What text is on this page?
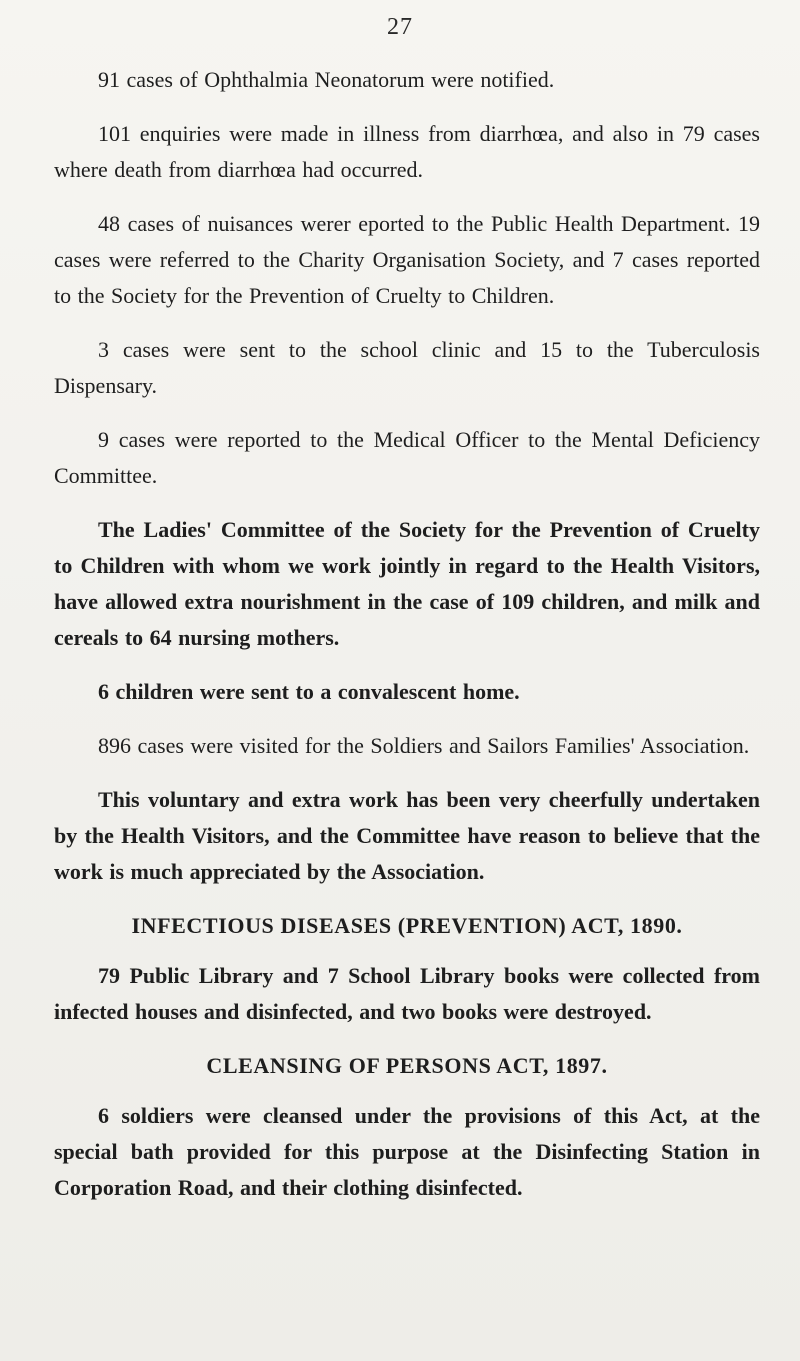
27

91 cases of Ophthalmia Neonatorum were notified.

101 enquiries were made in illness from diarrhœa, and also in 79 cases where death from diarrhœa had occurred.

48 cases of nuisances werer eported to the Public Health Department. 19 cases were referred to the Charity Organisation Society, and 7 cases reported to the Society for the Prevention of Cruelty to Children.

3 cases were sent to the school clinic and 15 to the Tuberculosis Dispensary.

9 cases were reported to the Medical Officer to the Mental Deficiency Committee.

The Ladies' Committee of the Society for the Prevention of Cruelty to Children with whom we work jointly in regard to the Health Visitors, have allowed extra nourishment in the case of 109 children, and milk and cereals to 64 nursing mothers.

6 children were sent to a convalescent home.

896 cases were visited for the Soldiers and Sailors Families' Association.

This voluntary and extra work has been very cheerfully undertaken by the Health Visitors, and the Committee have reason to believe that the work is much appreciated by the Association.

INFECTIOUS DISEASES (PREVENTION) ACT, 1890.

79 Public Library and 7 School Library books were collected from infected houses and disinfected, and two books were destroyed.

CLEANSING OF PERSONS ACT, 1897.

6 soldiers were cleansed under the provisions of this Act, at the special bath provided for this purpose at the Disinfecting Station in Corporation Road, and their clothing disinfected.
